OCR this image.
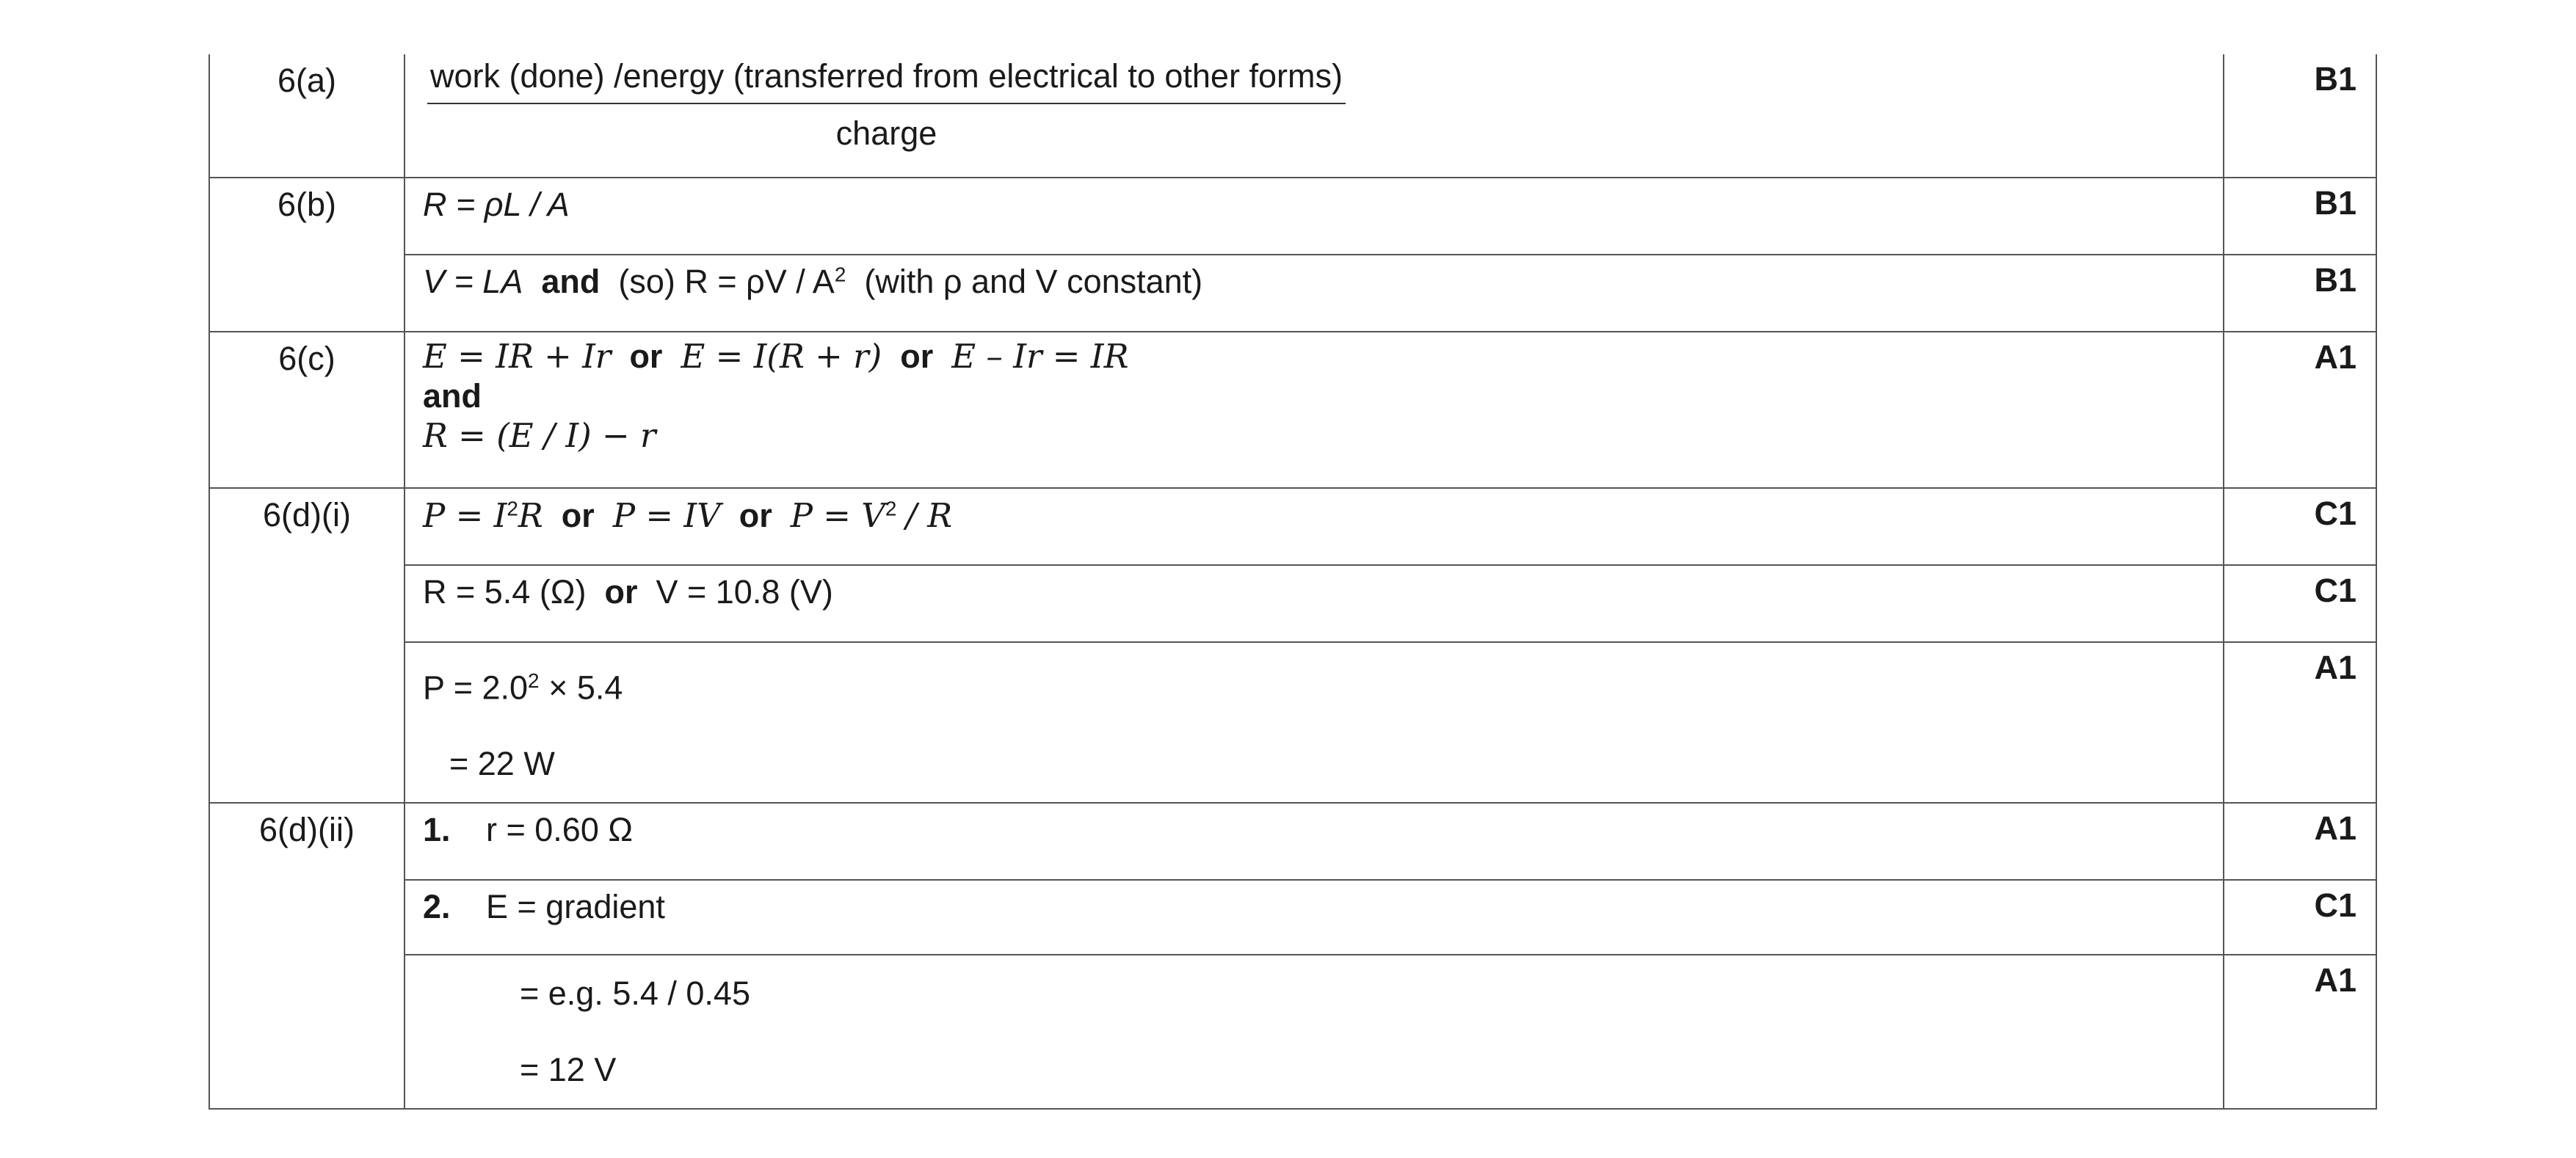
6(a)	work (done) /energy (transferred from electrical to other forms)
charge	B1
6(b)	R = ρL / A	B1
	V = LA and (so) $R = \rho V / A^2$ (with ρ and V constant)	B1
6(c)	E = IR + Ir or E = I(R + r) or E – Ir = IR
and
R = (E / I) − r	A1
6(d)(i)	$P = I^2R$ or P = IV or $P = V^2 / R$	C1
	R = 5.4 (Ω) or V = 10.8 (V)	C1
	$P = 2.0^2 \times 5.4$
= 22 W	A1
6(d)(ii)	1. r = 0.60 Ω	A1
	2. E = gradient	C1
	= e.g. 5.4 / 0.45
= 12 V	A1
